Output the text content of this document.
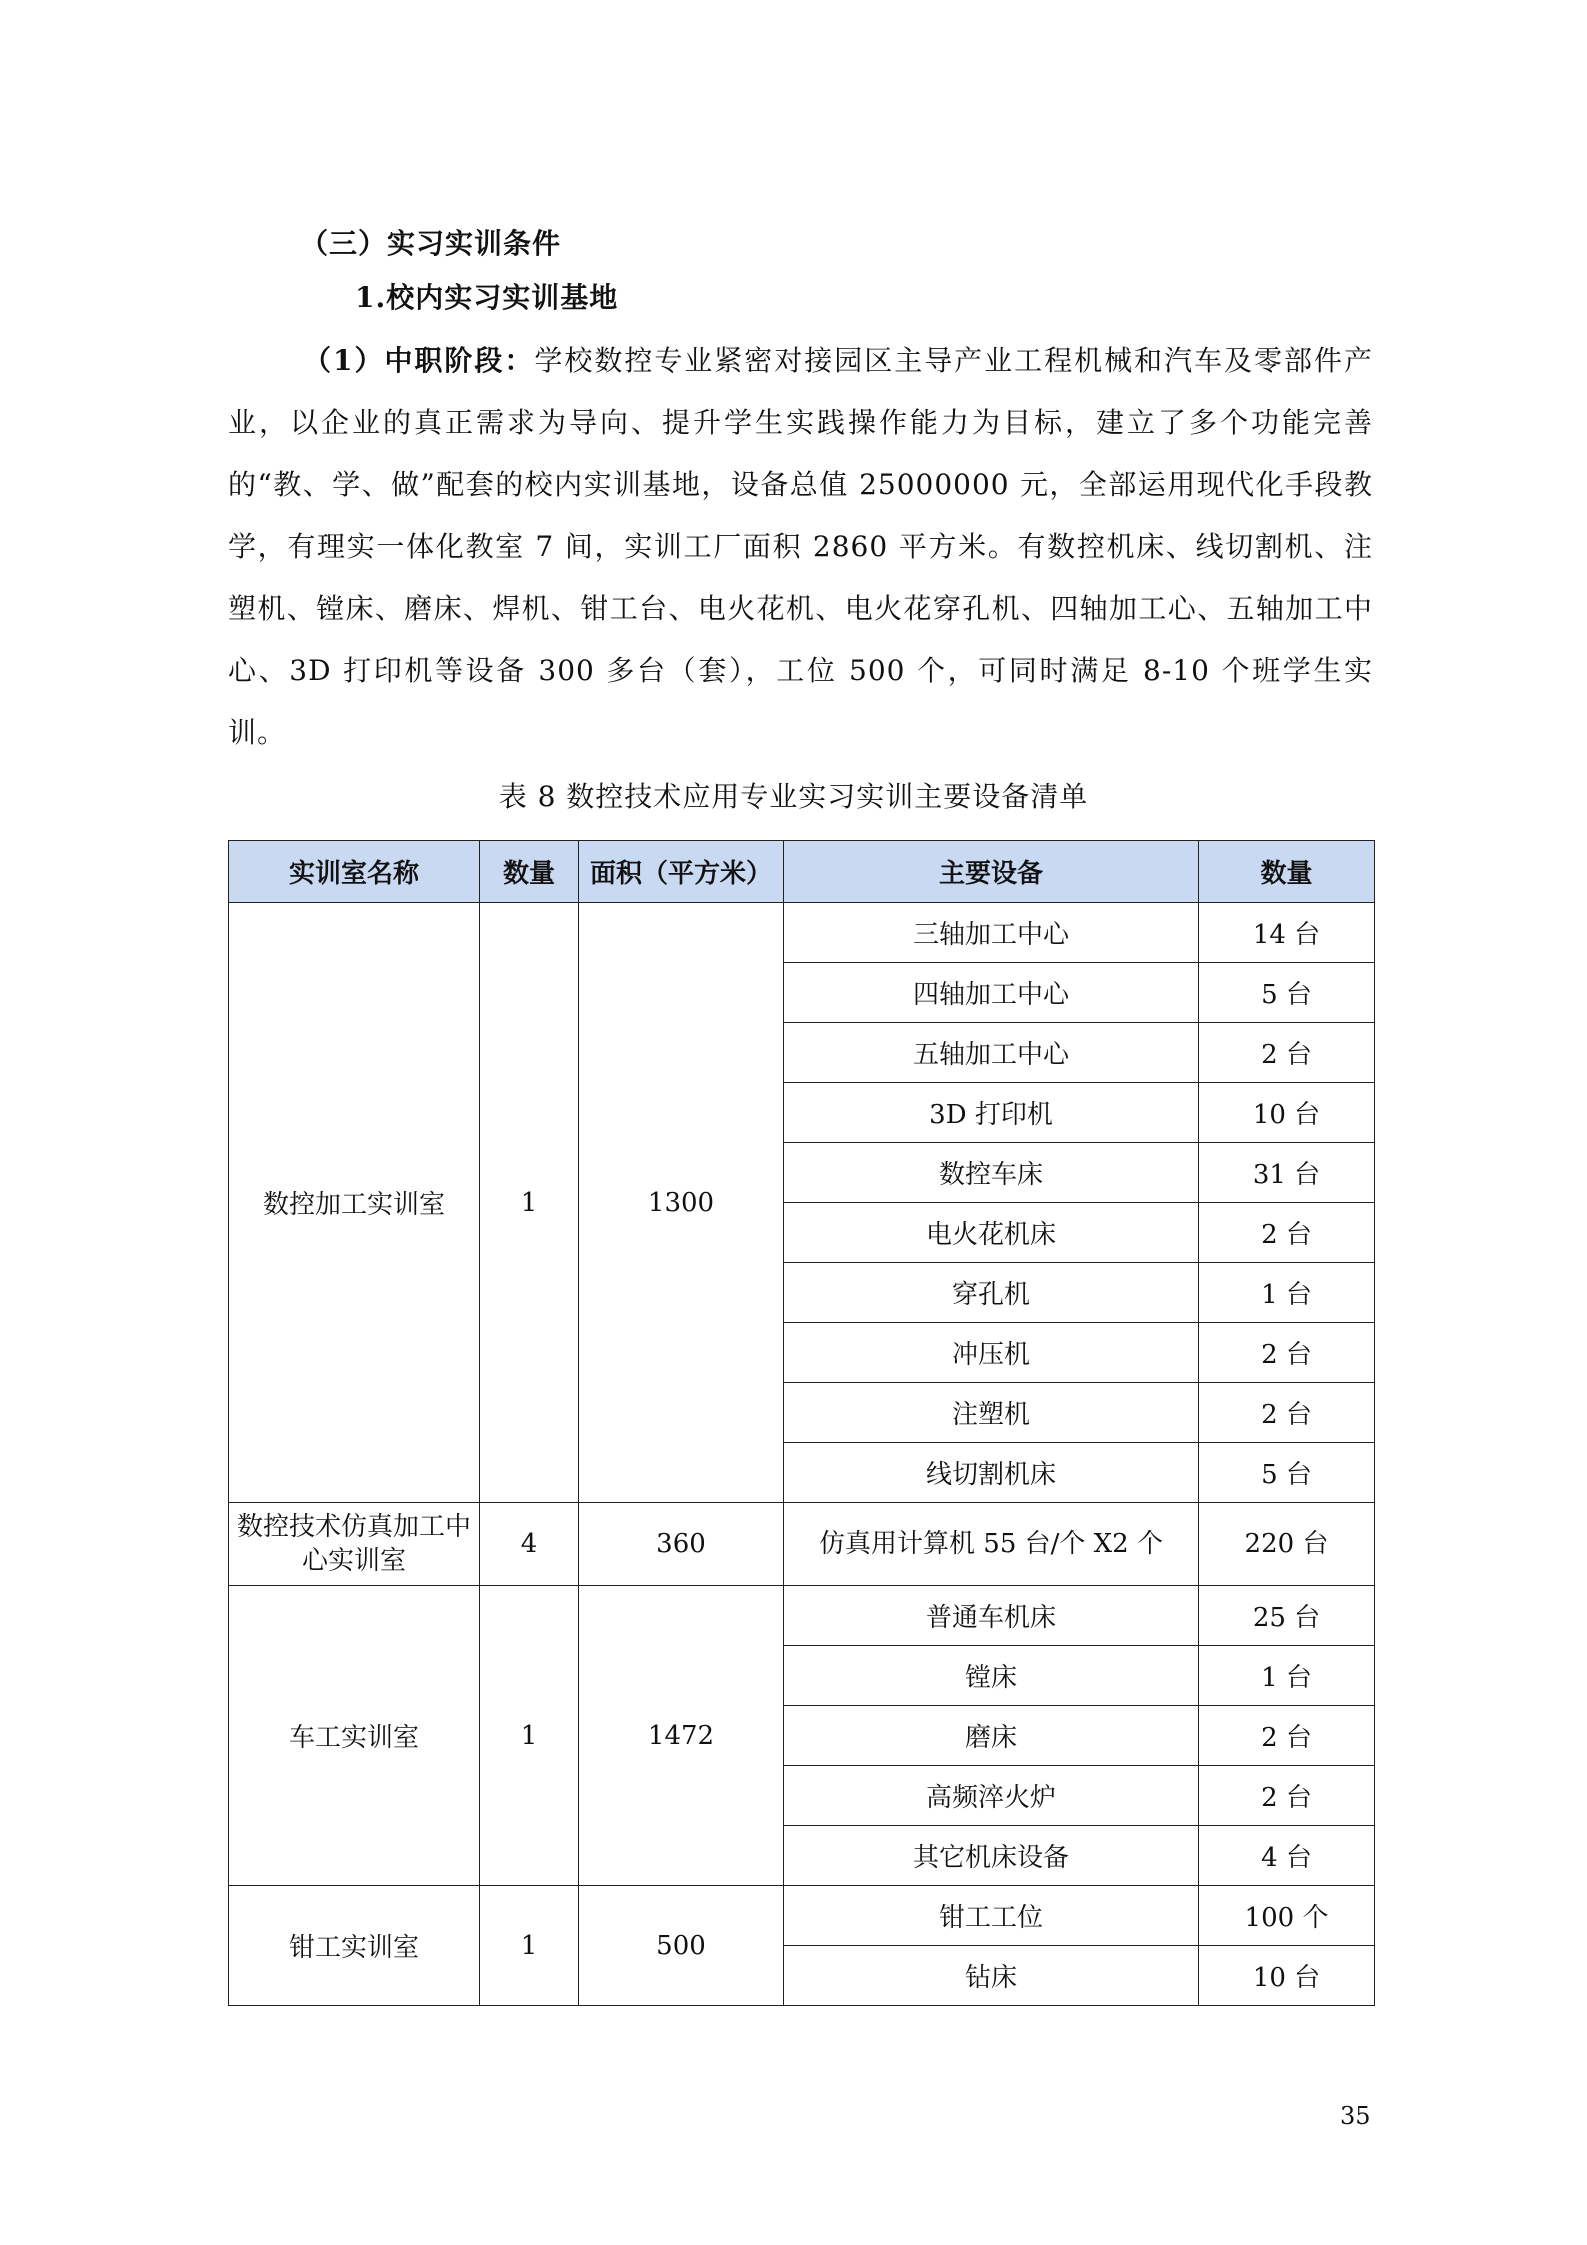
（三）实习实训条件
1.校内实习实训基地

（1）中职阶段：学校数控专业紧密对接园区主导产业工程机械和汽车及零部件产业，以企业的真正需求为导向、提升学生实践操作能力为目标，建立了多个功能完善的“教、学、做”配套的校内实训基地，设备总值 25000000 元，全部运用现代化手段教学，有理实一体化教室 7 间，实训工厂面积 2860 平方米。有数控机床、线切割机、注塑机、镗床、磨床、焊机、钳工台、电火花机、电火花穿孔机、四轴加工心、五轴加工中心、3D 打印机等设备 300 多台（套），工位 500 个，可同时满足 8-10 个班学生实训。

表 8 数控技术应用专业实习实训主要设备清单
实训室名称	数量	面积（平方米）	主要设备	数量
数控加工实训室	1	1300	三轴加工中心	14 台
			四轴加工中心	5 台
			五轴加工中心	2 台
			3D 打印机	10 台
			数控车床	31 台
			电火花机床	2 台
			穿孔机	1 台
			冲压机	2 台
			注塑机	2 台
			线切割机床	5 台
数控技术仿真加工中心实训室	4	360	仿真用计算机 55 台/个 X2 个	220 台
车工实训室	1	1472	普通车机床	25 台
			镗床	1 台
			磨床	2 台
			高频淬火炉	2 台
			其它机床设备	4 台
钳工实训室	1	500	钳工工位	100 个
			钻床	10 台
35
